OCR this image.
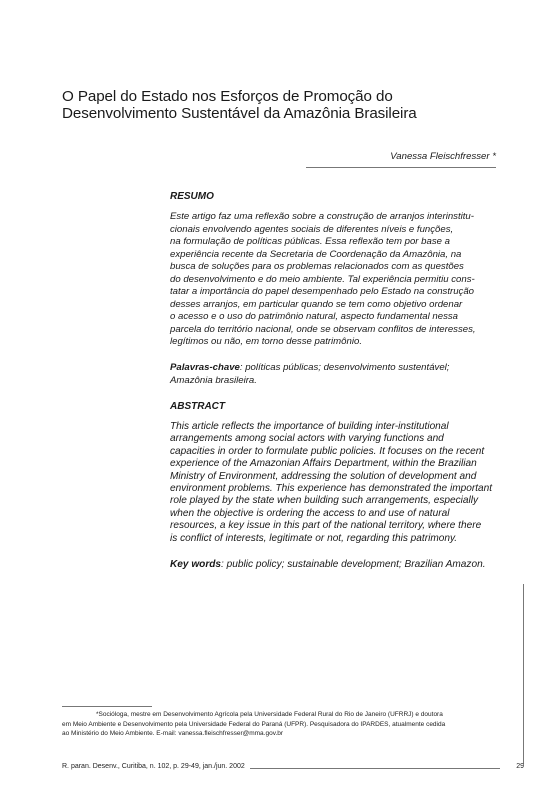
O Papel do Estado nos Esforços de Promoção do
Desenvolvimento Sustentável da Amazônia Brasileira
Vanessa Fleischfresser *

RESUMO

Este artigo faz uma reflexão sobre a construção de arranjos interinstitu-
cionais envolvendo agentes sociais de diferentes níveis e funções,
na formulação de políticas públicas. Essa reflexão tem por base a
experiência recente da Secretaria de Coordenação da Amazônia, na
busca de soluções para os problemas relacionados com as questões
do desenvolvimento e do meio ambiente. Tal experiência permitiu cons-
tatar a importância do papel desempenhado pelo Estado na construção
desses arranjos, em particular quando se tem como objetivo ordenar
o acesso e o uso do patrimônio natural, aspecto fundamental nessa
parcela do território nacional, onde se observam conflitos de interesses,
legítimos ou não, em torno desse patrimônio.
Palavras-chave: políticas públicas; desenvolvimento sustentável;
Amazônia brasileira.

ABSTRACT

This article reflects the importance of building inter-institutional
arrangements among social actors with varying functions and
capacities in order to formulate public policies. It focuses on the recent
experience of the Amazonian Affairs Department, within the Brazilian
Ministry of Environment, addressing the solution of development and
environment problems. This experience has demonstrated the important
role played by the state when building such arrangements, especially
when the objective is ordering the access to and use of natural
resources, a key issue in this part of the national territory, where there
is conflict of interests, legitimate or not, regarding this patrimony.
Key words: public policy; sustainable development; Brazilian Amazon.
*Socióloga, mestre em Desenvolvimento Agrícola pela Universidade Federal Rural do Rio de Janeiro (UFRRJ) e doutora
em Meio Ambiente e Desenvolvimento pela Universidade Federal do Paraná (UFPR). Pesquisadora do IPARDES, atualmente cedida
ao Ministério do Meio Ambiente. E-mail: vanessa.fleischfresser@mma.gov.br
R. paran. Desenv., Curitiba, n. 102, p. 29-49, jan./jun. 2002	29
